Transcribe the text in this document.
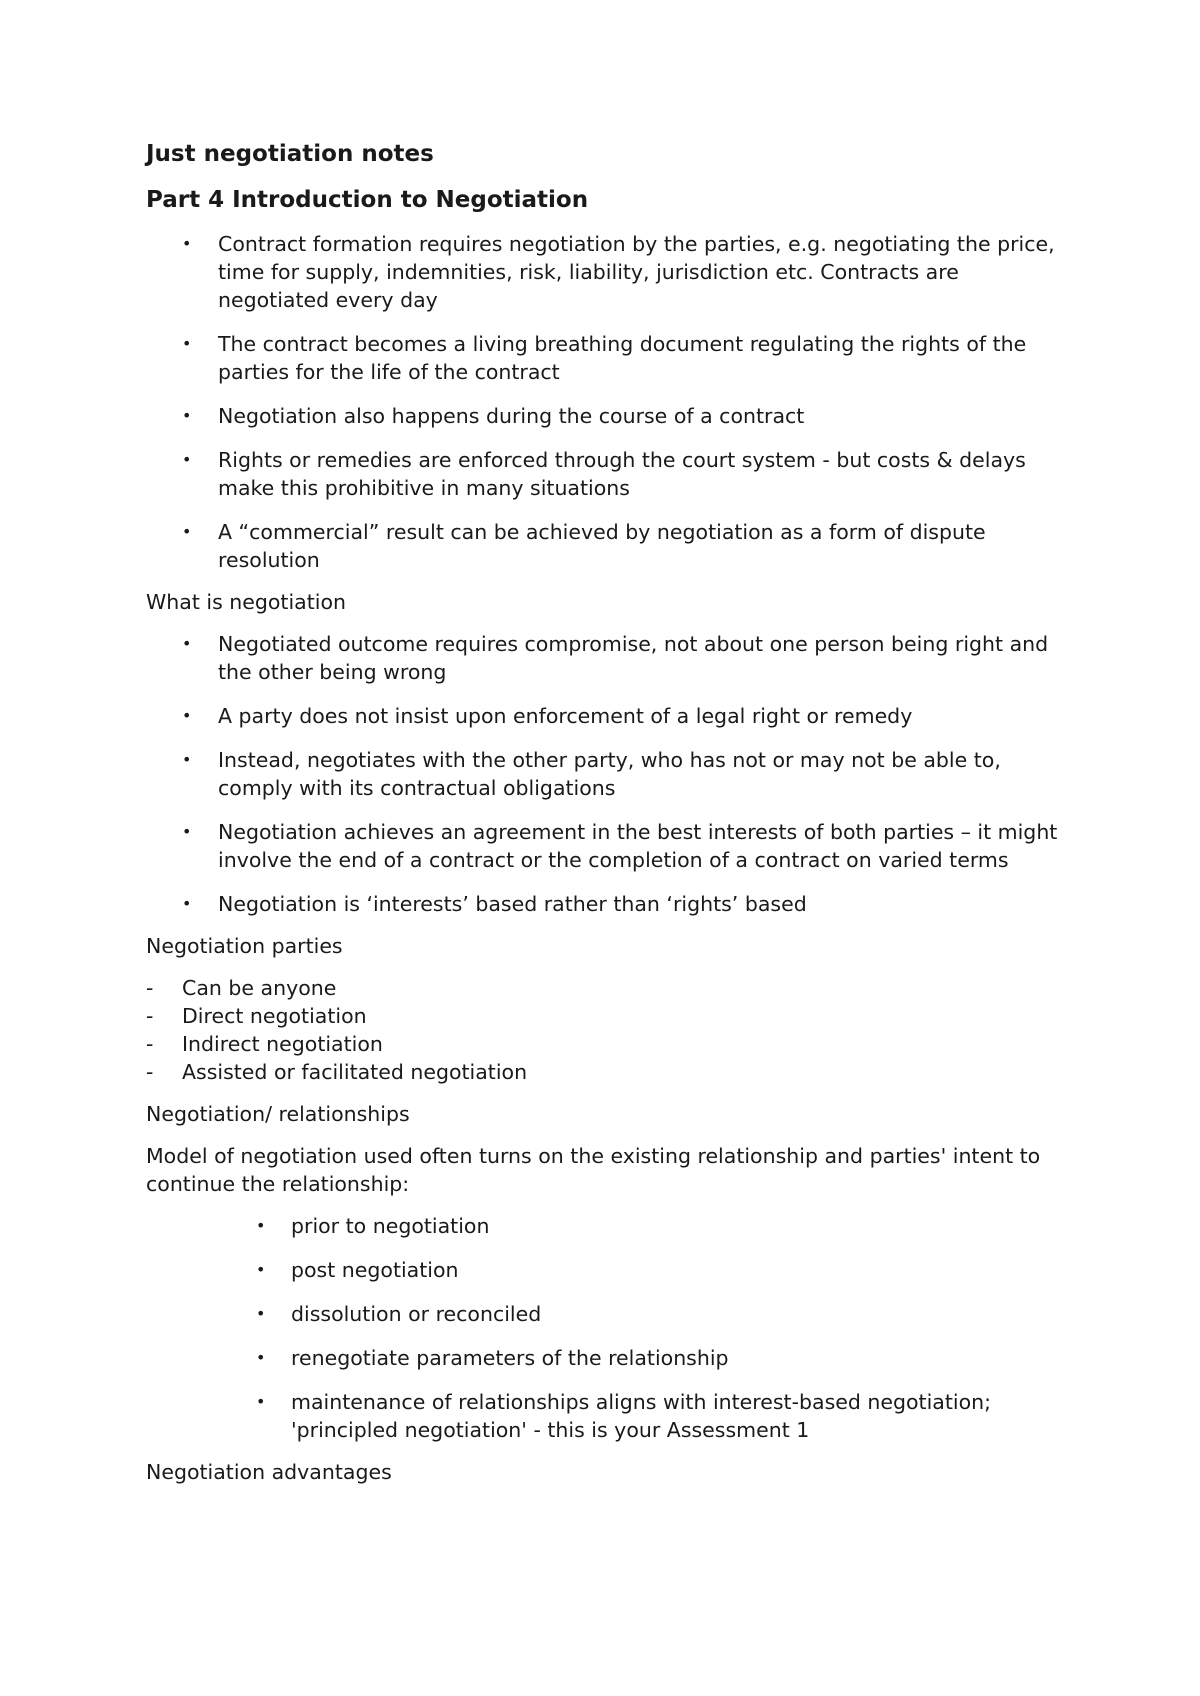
Just negotiation notes
Part 4 Introduction to Negotiation
• Contract formation requires negotiation by the parties, e.g. negotiating the price, time for supply, indemnities, risk, liability, jurisdiction etc. Contracts are negotiated every day
• The contract becomes a living breathing document regulating the rights of the parties for the life of the contract
• Negotiation also happens during the course of a contract
• Rights or remedies are enforced through the court system - but costs & delays make this prohibitive in many situations
• A “commercial” result can be achieved by negotiation as a form of dispute resolution
What is negotiation
• Negotiated outcome requires compromise, not about one person being right and the other being wrong
• A party does not insist upon enforcement of a legal right or remedy
• Instead, negotiates with the other party, who has not or may not be able to, comply with its contractual obligations
• Negotiation achieves an agreement in the best interests of both parties – it might involve the end of a contract or the completion of a contract on varied terms
• Negotiation is ‘interests’ based rather than ‘rights’ based
Negotiation parties
- Can be anyone
- Direct negotiation
- Indirect negotiation
- Assisted or facilitated negotiation
Negotiation/ relationships
Model of negotiation used often turns on the existing relationship and parties' intent to continue the relationship:
• prior to negotiation
• post negotiation
• dissolution or reconciled
• renegotiate parameters of the relationship
• maintenance of relationships aligns with interest-based negotiation; 'principled negotiation' - this is your Assessment 1
Negotiation advantages
